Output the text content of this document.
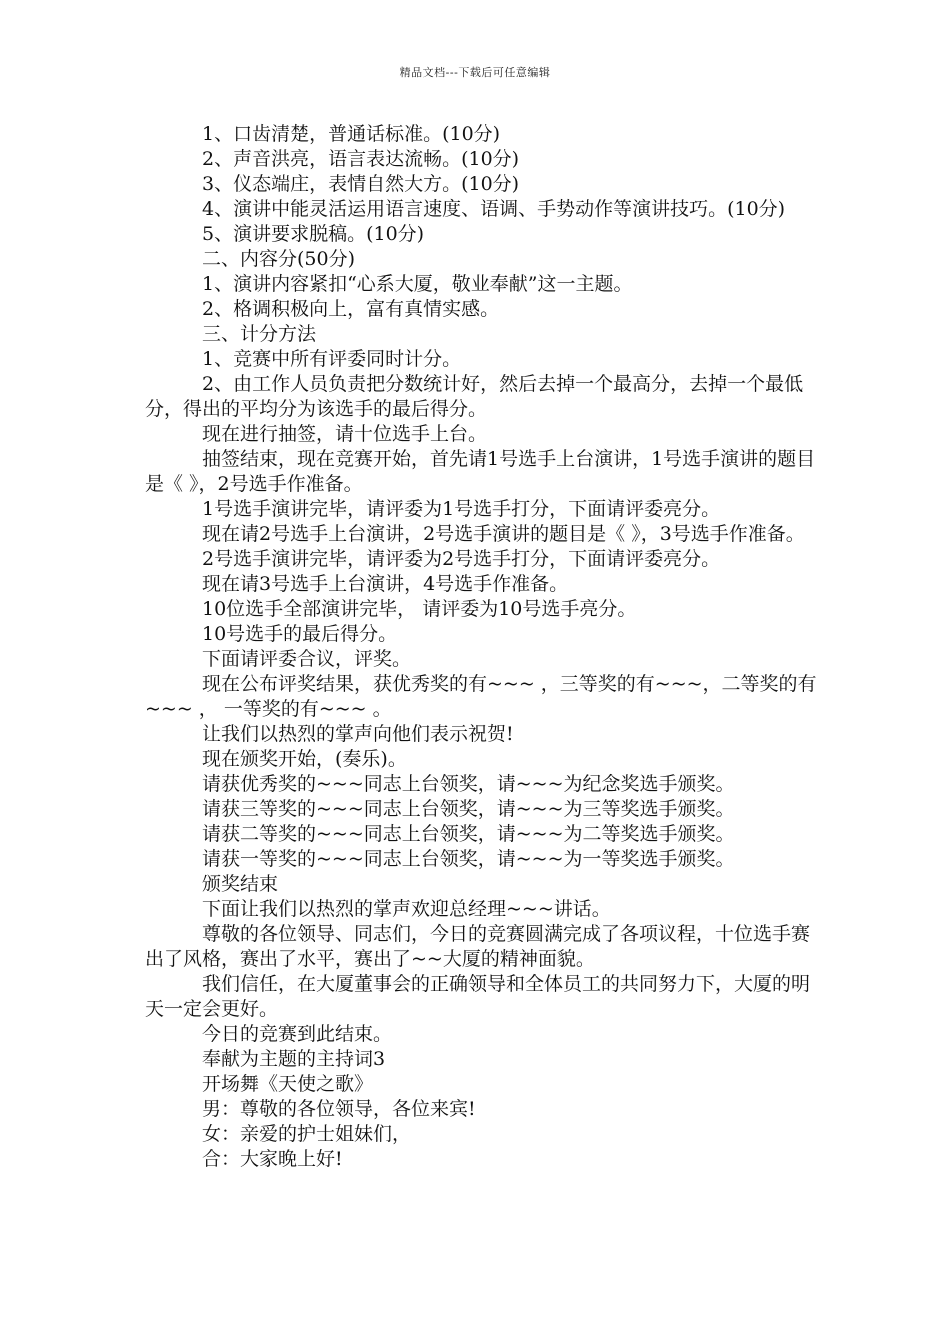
精品文档---下载后可任意编辑

1、口齿清楚，普通话标准。(10分)

2、声音洪亮，语言表达流畅。(10分)

3、仪态端庄，表情自然大方。(10分)

4、演讲中能灵活运用语言速度、语调、手势动作等演讲技巧。(10分)

5、演讲要求脱稿。(10分)

二、内容分(50分)

1、演讲内容紧扣“心系大厦，敬业奉献”这一主题。

2、格调积极向上，富有真情实感。

三、计分方法

1、竞赛中所有评委同时计分。

2、由工作人员负责把分数统计好，然后去掉一个最高分，去掉一个最低分，得出的平均分为该选手的最后得分。

现在进行抽签，请十位选手上台。

抽签结束，现在竞赛开始，首先请1号选手上台演讲，1号选手演讲的题目是《 》，2号选手作准备。

1号选手演讲完毕，请评委为1号选手打分，下面请评委亮分。

现在请2号选手上台演讲，2号选手演讲的题目是《 》，3号选手作准备。

2号选手演讲完毕，请评委为2号选手打分，下面请评委亮分。

现在请3号选手上台演讲，4号选手作准备。

10位选手全部演讲完毕， 请评委为10号选手亮分。

10号选手的最后得分。

下面请评委合议，评奖。

现在公布评奖结果，获优秀奖的有~~~ ，三等奖的有~~~，二等奖的有~~~ ， 一等奖的有~~~ 。

让我们以热烈的掌声向他们表示祝贺!

现在颁奖开始，(奏乐)。

请获优秀奖的~~~同志上台领奖，请~~~为纪念奖选手颁奖。

请获三等奖的~~~同志上台领奖，请~~~为三等奖选手颁奖。

请获二等奖的~~~同志上台领奖，请~~~为二等奖选手颁奖。

请获一等奖的~~~同志上台领奖，请~~~为一等奖选手颁奖。

颁奖结束

下面让我们以热烈的掌声欢迎总经理~~~讲话。

尊敬的各位领导、同志们，今日的竞赛圆满完成了各项议程，十位选手赛出了风格，赛出了水平，赛出了~~大厦的精神面貌。

我们信任，在大厦董事会的正确领导和全体员工的共同努力下，大厦的明天一定会更好。

今日的竞赛到此结束。

奉献为主题的主持词3

开场舞《天使之歌》

男：尊敬的各位领导，各位来宾!

女：亲爱的护士姐妹们，

合：大家晚上好!
